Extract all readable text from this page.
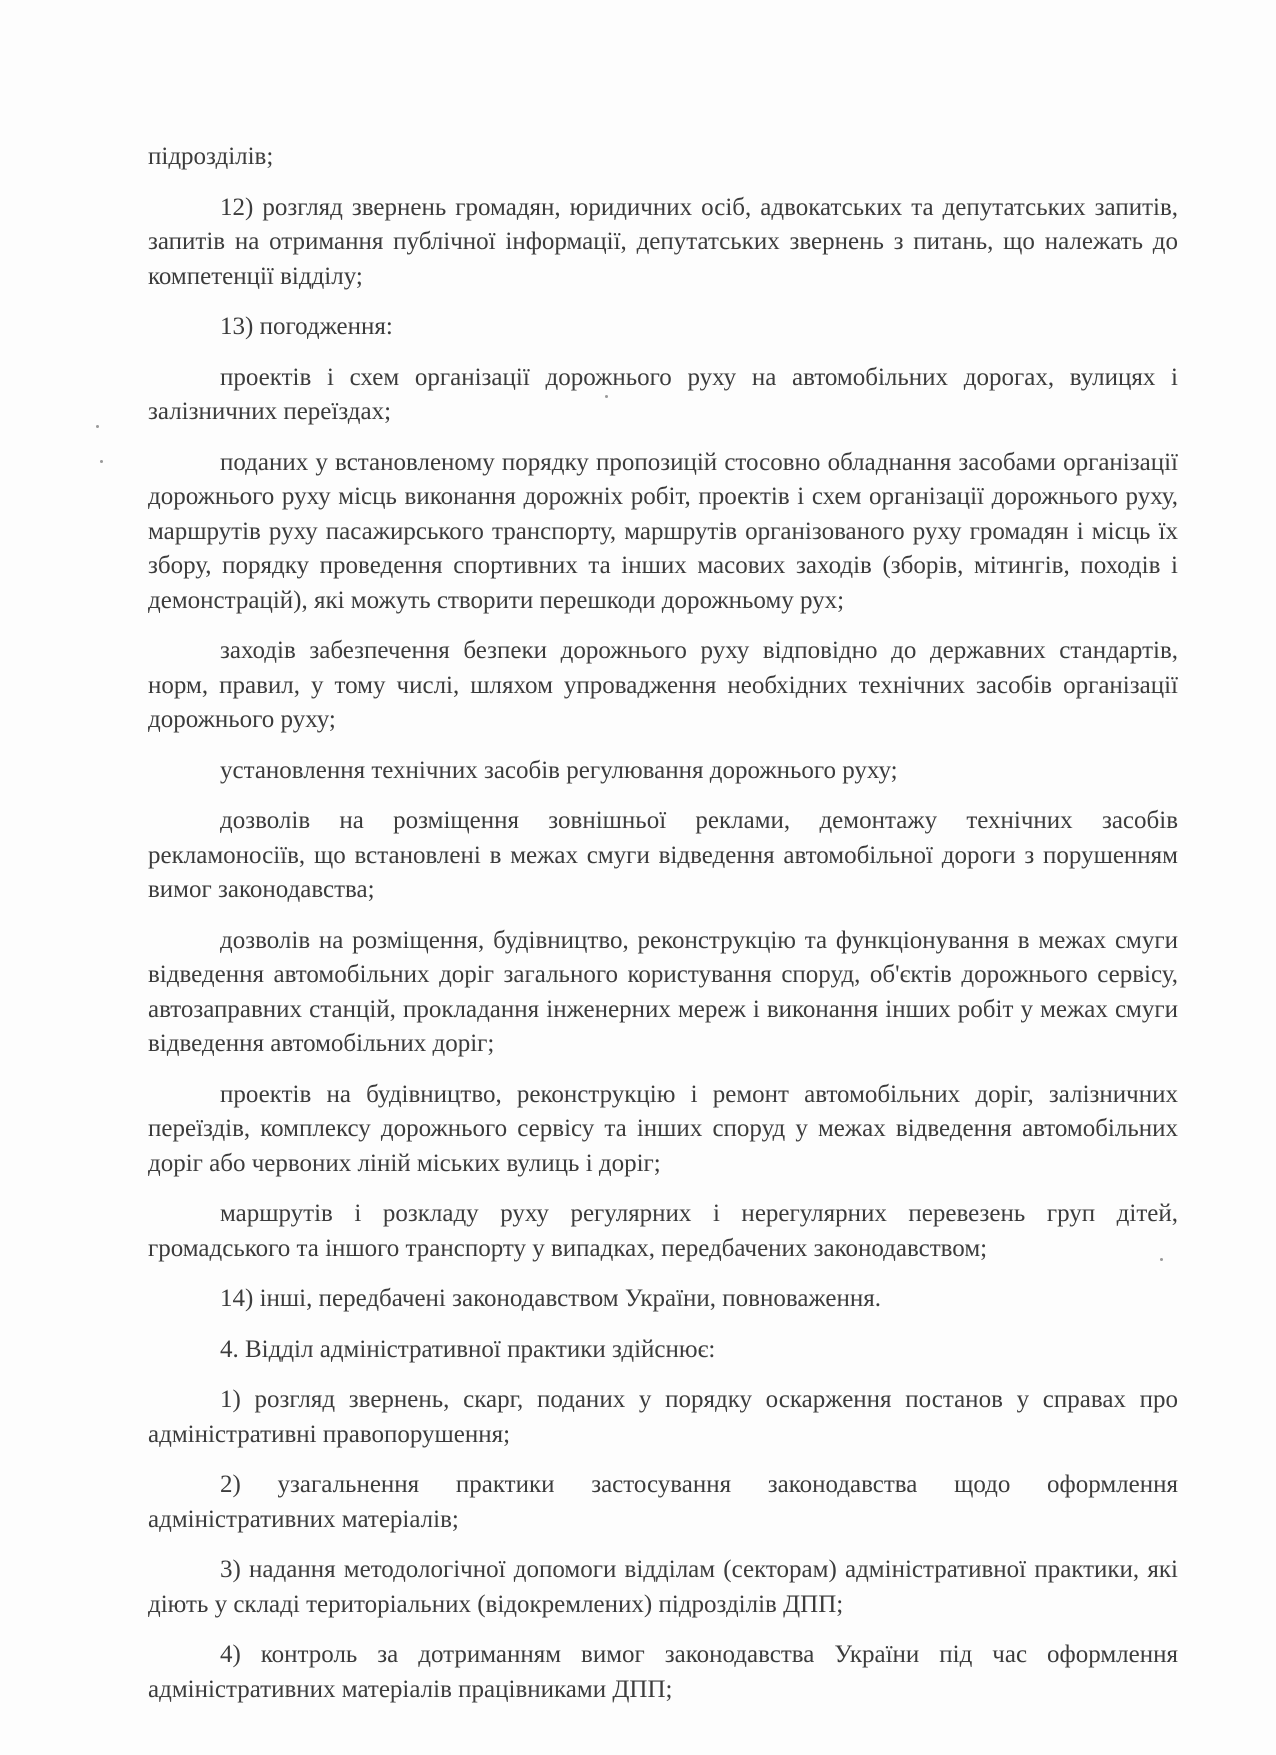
підрозділів;

12) розгляд звернень громадян, юридичних осіб, адвокатських та депутатських запитів, запитів на отримання публічної інформації, депутатських звернень з питань, що належать до компетенції відділу;

13) погодження:

проектів і схем організації дорожнього руху на автомобільних дорогах, вулицях і залізничних переїздах;

поданих у встановленому порядку пропозицій стосовно обладнання засобами організації дорожнього руху місць виконання дорожніх робіт, проектів і схем організації дорожнього руху, маршрутів руху пасажирського транспорту, маршрутів організованого руху громадян і місць їх збору, порядку проведення спортивних та інших масових заходів (зборів, мітингів, походів і демонстрацій), які можуть створити перешкоди дорожньому рух;

заходів забезпечення безпеки дорожнього руху відповідно до державних стандартів, норм, правил, у тому числі, шляхом упровадження необхідних технічних засобів організації дорожнього руху;

установлення технічних засобів регулювання дорожнього руху;

дозволів на розміщення зовнішньої реклами, демонтажу технічних засобів рекламоносіїв, що встановлені в межах смуги відведення автомобільної дороги з порушенням вимог законодавства;

дозволів на розміщення, будівництво, реконструкцію та функціонування в межах смуги відведення автомобільних доріг загального користування споруд, об'єктів дорожнього сервісу, автозаправних станцій, прокладання інженерних мереж і виконання інших робіт у межах смуги відведення автомобільних доріг;

проектів на будівництво, реконструкцію і ремонт автомобільних доріг, залізничних переїздів, комплексу дорожнього сервісу та інших споруд у межах відведення автомобільних доріг або червоних ліній міських вулиць і доріг;

маршрутів і розкладу руху регулярних і нерегулярних перевезень груп дітей, громадського та іншого транспорту у випадках, передбачених законодавством;

14) інші, передбачені законодавством України, повноваження.

4. Відділ адміністративної практики здійснює:

1) розгляд звернень, скарг, поданих у порядку оскарження постанов у справах про адміністративні правопорушення;

2) узагальнення практики застосування законодавства щодо оформлення адміністративних матеріалів;

3) надання методологічної допомоги відділам (секторам) адміністративної практики, які діють у складі територіальних (відокремлених) підрозділів ДПП;

4) контроль за дотриманням вимог законодавства України під час оформлення адміністративних матеріалів працівниками ДПП;
